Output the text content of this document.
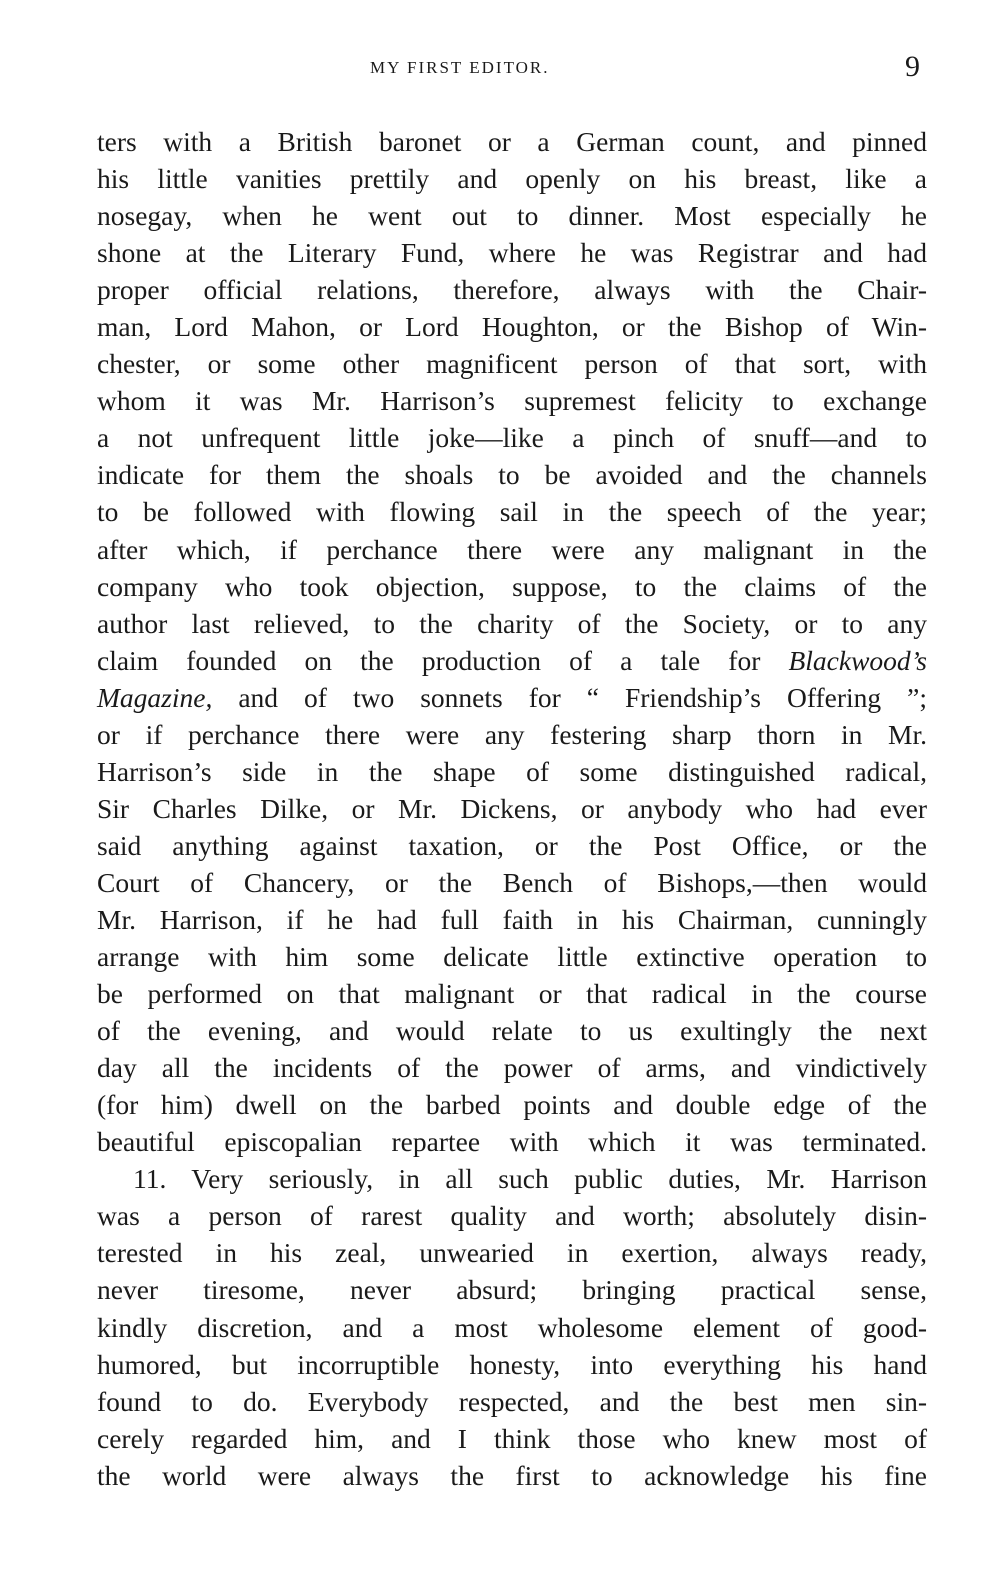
MY FIRST EDITOR.	9
ters with a British baronet or a German count, and pinned
his little vanities prettily and openly on his breast, like a
nosegay, when he went out to dinner. Most especially he
shone at the Literary Fund, where he was Registrar and had
proper official relations, therefore, always with the Chair-
man, Lord Mahon, or Lord Houghton, or the Bishop of Win-
chester, or some other magnificent person of that sort, with
whom it was Mr. Harrison’s supremest felicity to exchange
a not unfrequent little joke—like a pinch of snuff—and to
indicate for them the shoals to be avoided and the channels
to be followed with flowing sail in the speech of the year;
after which, if perchance there were any malignant in the
company who took objection, suppose, to the claims of the
author last relieved, to the charity of the Society, or to any
claim founded on the production of a tale for Blackwood’s
Magazine, and of two sonnets for “ Friendship’s Offering ”;
or if perchance there were any festering sharp thorn in Mr.
Harrison’s side in the shape of some distinguished radical,
Sir Charles Dilke, or Mr. Dickens, or anybody who had ever
said anything against taxation, or the Post Office, or the
Court of Chancery, or the Bench of Bishops,—then would
Mr. Harrison, if he had full faith in his Chairman, cunningly
arrange with him some delicate little extinctive operation to
be performed on that malignant or that radical in the course
of the evening, and would relate to us exultingly the next
day all the incidents of the power of arms, and vindictively
(for him) dwell on the barbed points and double edge of the
beautiful episcopalian repartee with which it was terminated.
11. Very seriously, in all such public duties, Mr. Harrison
was a person of rarest quality and worth; absolutely disin-
terested in his zeal, unwearied in exertion, always ready,
never tiresome, never absurd; bringing practical sense,
kindly discretion, and a most wholesome element of good-
humored, but incorruptible honesty, into everything his hand
found to do. Everybody respected, and the best men sin-
cerely regarded him, and I think those who knew most of
the world were always the first to acknowledge his fine
